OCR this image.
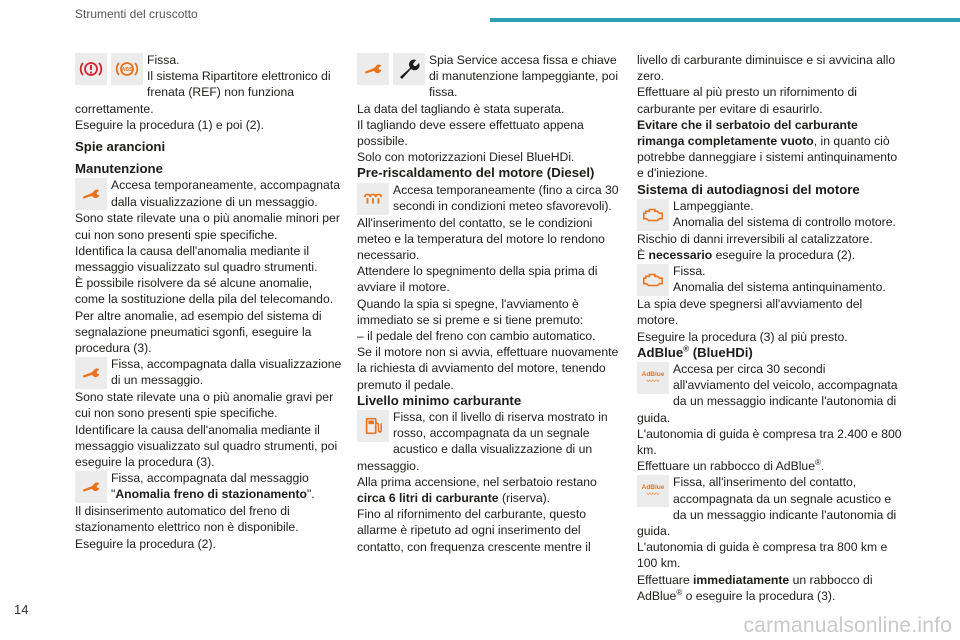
Strumenti del cruscotto
ABS

Fissa.

Il sistema Ripartitore elettronico di frenata (REF) non funziona correttamente.

Eseguire la procedura (1) e poi (2).

Spie arancioni

Manutenzione

Accesa temporaneamente, accompagnata dalla visualizzazione di un messaggio.

Sono state rilevate una o più anomalie minori per cui non sono presenti spie specifiche.

Identifica la causa dell'anomalia mediante il messaggio visualizzato sul quadro strumenti.

È possibile risolvere da sé alcune anomalie, come la sostituzione della pila del telecomando.

Per altre anomalie, ad esempio del sistema di segnalazione pneumatici sgonfi, eseguire la procedura (3).

Fissa, accompagnata dalla visualizzazione di un messaggio.

Sono state rilevate una o più anomalie gravi per cui non sono presenti spie specifiche.

Identificare la causa dell'anomalia mediante il messaggio visualizzato sul quadro strumenti, poi eseguire la procedura (3).

Fissa, accompagnata dal messaggio "Anomalia freno di stazionamento".

Il disinserimento automatico del freno di stazionamento elettrico non è disponibile.

Eseguire la procedura (2).

Spia Service accesa fissa e chiave di manutenzione lampeggiante, poi fissa.

La data del tagliando è stata superata.

Il tagliando deve essere effettuato appena possibile.

Solo con motorizzazioni Diesel BlueHDi.

Pre-riscaldamento del motore (Diesel)

Accesa temporaneamente (fino a circa 30 secondi in condizioni meteo sfavorevoli).

All'inserimento del contatto, se le condizioni meteo e la temperatura del motore lo rendono necessario.

Attendere lo spegnimento della spia prima di avviare il motore.

Quando la spia si spegne, l'avviamento è immediato se si preme e si tiene premuto:

– il pedale del freno con cambio automatico.

Se il motore non si avvia, effettuare nuovamente la richiesta di avviamento del motore, tenendo premuto il pedale.

Livello minimo carburante

Fissa, con il livello di riserva mostrato in rosso, accompagnata da un segnale acustico e dalla visualizzazione di un messaggio.

Alla prima accensione, nel serbatoio restano circa 6 litri di carburante (riserva).

Fino al rifornimento del carburante, questo allarme è ripetuto ad ogni inserimento del contatto, con frequenza crescente mentre il

livello di carburante diminuisce e si avvicina allo zero.

Effettuare al più presto un rifornimento di carburante per evitare di esaurirlo.

Evitare che il serbatoio del carburante rimanga completamente vuoto, in quanto ciò potrebbe danneggiare i sistemi antinquinamento e d'iniezione.

Sistema di autodiagnosi del motore

Lampeggiante.

Anomalia del sistema di controllo motore.

Rischio di danni irreversibili al catalizzatore.

È necessario eseguire la procedura (2).

Fissa.

Anomalia del sistema antinquinamento.

La spia deve spegnersi all'avviamento del motore.

Eseguire la procedura (3) al più presto.

AdBlue® (BlueHDi)

AdBlue
〰〰

Accesa per circa 30 secondi all'avviamento del veicolo, accompagnata da un messaggio indicante l'autonomia di guida.

L'autonomia di guida è compresa tra 2.400 e 800 km.

Effettuare un rabbocco di AdBlue®.

AdBlue
〰〰

Fissa, all'inserimento del contatto, accompagnata da un segnale acustico e da un messaggio indicante l'autonomia di guida.

L'autonomia di guida è compresa tra 800 km e 100 km.

Effettuare immediatamente un rabbocco di AdBlue® o eseguire la procedura (3).

14
carmanualsonline.info
